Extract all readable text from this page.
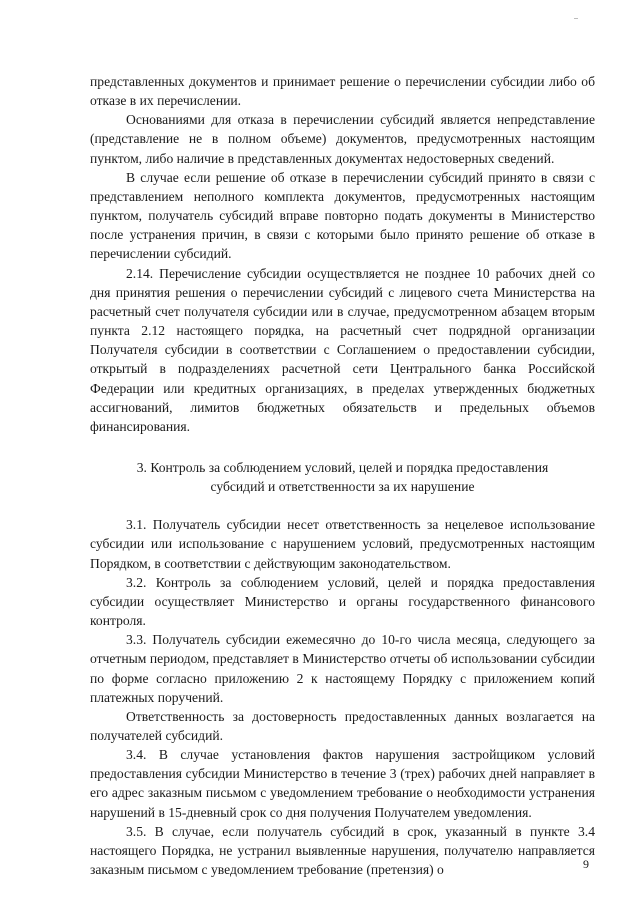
представленных документов и принимает решение о перечислении субсидии либо об отказе в их перечислении.

Основаниями для отказа в перечислении субсидий является непредставление (представление не в полном объеме) документов, предусмотренных настоящим пунктом, либо наличие в представленных документах недостоверных сведений.

В случае если решение об отказе в перечислении субсидий принято в связи с представлением неполного комплекта документов, предусмотренных настоящим пунктом, получатель субсидий вправе повторно подать документы в Министерство после устранения причин, в связи с которыми было принято решение об отказе в перечислении субсидий.

2.14. Перечисление субсидии осуществляется не позднее 10 рабочих дней со дня принятия решения о перечислении субсидий с лицевого счета Министерства на расчетный счет получателя субсидии или в случае, предусмотренном абзацем вторым пункта 2.12 настоящего порядка, на расчетный счет подрядной организации Получателя субсидии в соответствии с Соглашением о предоставлении субсидии, открытый в подразделениях расчетной сети Центрального банка Российской Федерации или кредитных организациях, в пределах утвержденных бюджетных ассигнований, лимитов бюджетных обязательств и предельных объемов финансирования.

3. Контроль за соблюдением условий, целей и порядка предоставления
субсидий и ответственности за их нарушение

3.1. Получатель субсидии несет ответственность за нецелевое использование субсидии или использование с нарушением условий, предусмотренных настоящим Порядком, в соответствии с действующим законодательством.

3.2. Контроль за соблюдением условий, целей и порядка предоставления субсидии осуществляет Министерство и органы государственного финансового контроля.

3.3. Получатель субсидии ежемесячно до 10-го числа месяца, следующего за отчетным периодом, представляет в Министерство отчеты об использовании субсидии по форме согласно приложению 2 к настоящему Порядку с приложением копий платежных поручений.

Ответственность за достоверность предоставленных данных возлагается на получателей субсидий.

3.4. В случае установления фактов нарушения застройщиком условий предоставления субсидии Министерство в течение 3 (трех) рабочих дней направляет в его адрес заказным письмом с уведомлением требование о необходимости устранения нарушений в 15-дневный срок со дня получения Получателем уведомления.

3.5. В случае, если получатель субсидий в срок, указанный в пункте 3.4 настоящего Порядка, не устранил выявленные нарушения, получателю направляется заказным письмом с уведомлением требование (претензия) о	9
